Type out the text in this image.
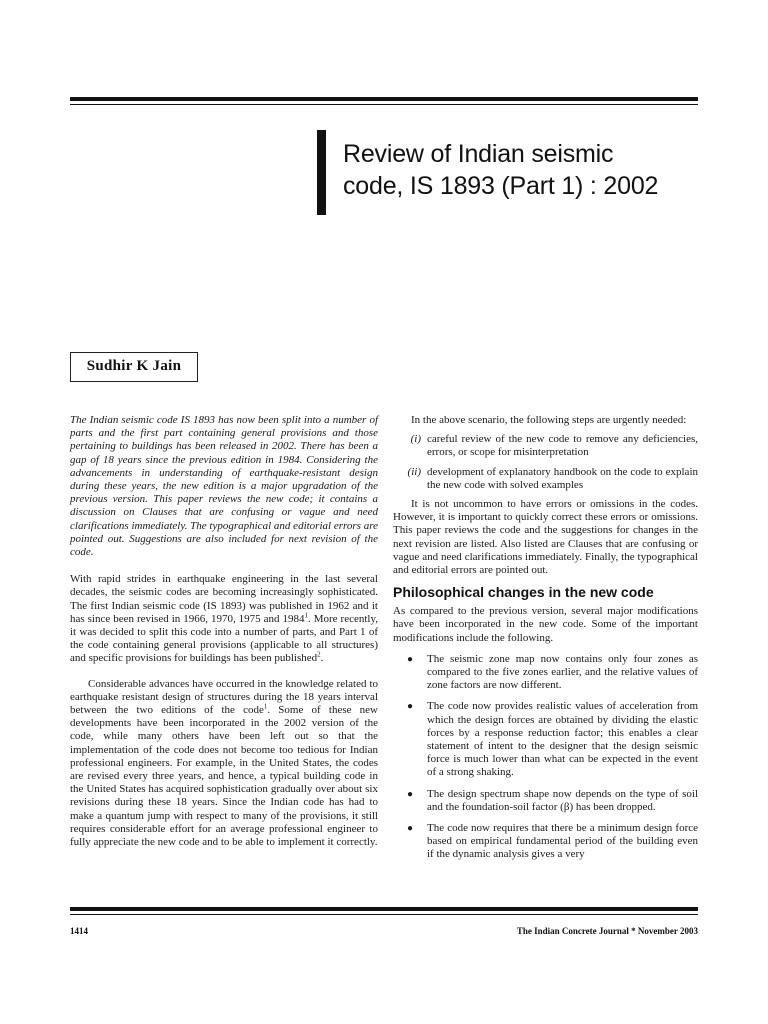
Review of Indian seismic
code, IS 1893 (Part 1) : 2002
Sudhir K Jain

The Indian seismic code IS 1893 has now been split into a number of parts and the first part containing general provisions and those pertaining to buildings has been released in 2002. There has been a gap of 18 years since the previous edition in 1984. Considering the advancements in understanding of earthquake-resistant design during these years, the new edition is a major upgradation of the previous version. This paper reviews the new code; it contains a discussion on Clauses that are confusing or vague and need clarifications immediately. The typographical and editorial errors are pointed out. Suggestions are also included for next revision of the code.

With rapid strides in earthquake engineering in the last several decades, the seismic codes are becoming increasingly sophisticated. The first Indian seismic code (IS 1893) was published in 1962 and it has since been revised in 1966, 1970, 1975 and 1984$^1$. More recently, it was decided to split this code into a number of parts, and Part 1 of the code containing general provisions (applicable to all structures) and specific provisions for buildings has been published$^2$.

Considerable advances have occurred in the knowledge related to earthquake resistant design of structures during the 18 years interval between the two editions of the code$^1$. Some of these new developments have been incorporated in the 2002 version of the code, while many others have been left out so that the implementation of the code does not become too tedious for Indian professional engineers. For example, in the United States, the codes are revised every three years, and hence, a typical building code in the United States has acquired sophistication gradually over about six revisions during these 18 years. Since the Indian code has had to make a quantum jump with respect to many of the provisions, it still requires considerable effort for an average professional engineer to fully appreciate the new code and to be able to implement it correctly.

In the above scenario, the following steps are urgently needed:

(i) careful review of the new code to remove any deficiencies, errors, or scope for misinterpretation
(ii) development of explanatory handbook on the code to explain the new code with solved examples

It is not uncommon to have errors or omissions in the codes. However, it is important to quickly correct these errors or omissions. This paper reviews the code and the suggestions for changes in the next revision are listed. Also listed are Clauses that are confusing or vague and need clarifications immediately. Finally, the typographical and editorial errors are pointed out.

Philosophical changes in the new code

As compared to the previous version, several major modifications have been incorporated in the new code. Some of the important modifications include the following.

●	The seismic zone map now contains only four zones as compared to the five zones earlier, and the relative values of zone factors are now different.
●	The code now provides realistic values of acceleration from which the design forces are obtained by dividing the elastic forces by a response reduction factor; this enables a clear statement of intent to the designer that the design seismic force is much lower than what can be expected in the event of a strong shaking.
●	The design spectrum shape now depends on the type of soil and the foundation-soil factor (β) has been dropped.
●	The code now requires that there be a minimum design force based on empirical fundamental period of the building even if the dynamic analysis gives a very
1414	The Indian Concrete Journal * November 2003
